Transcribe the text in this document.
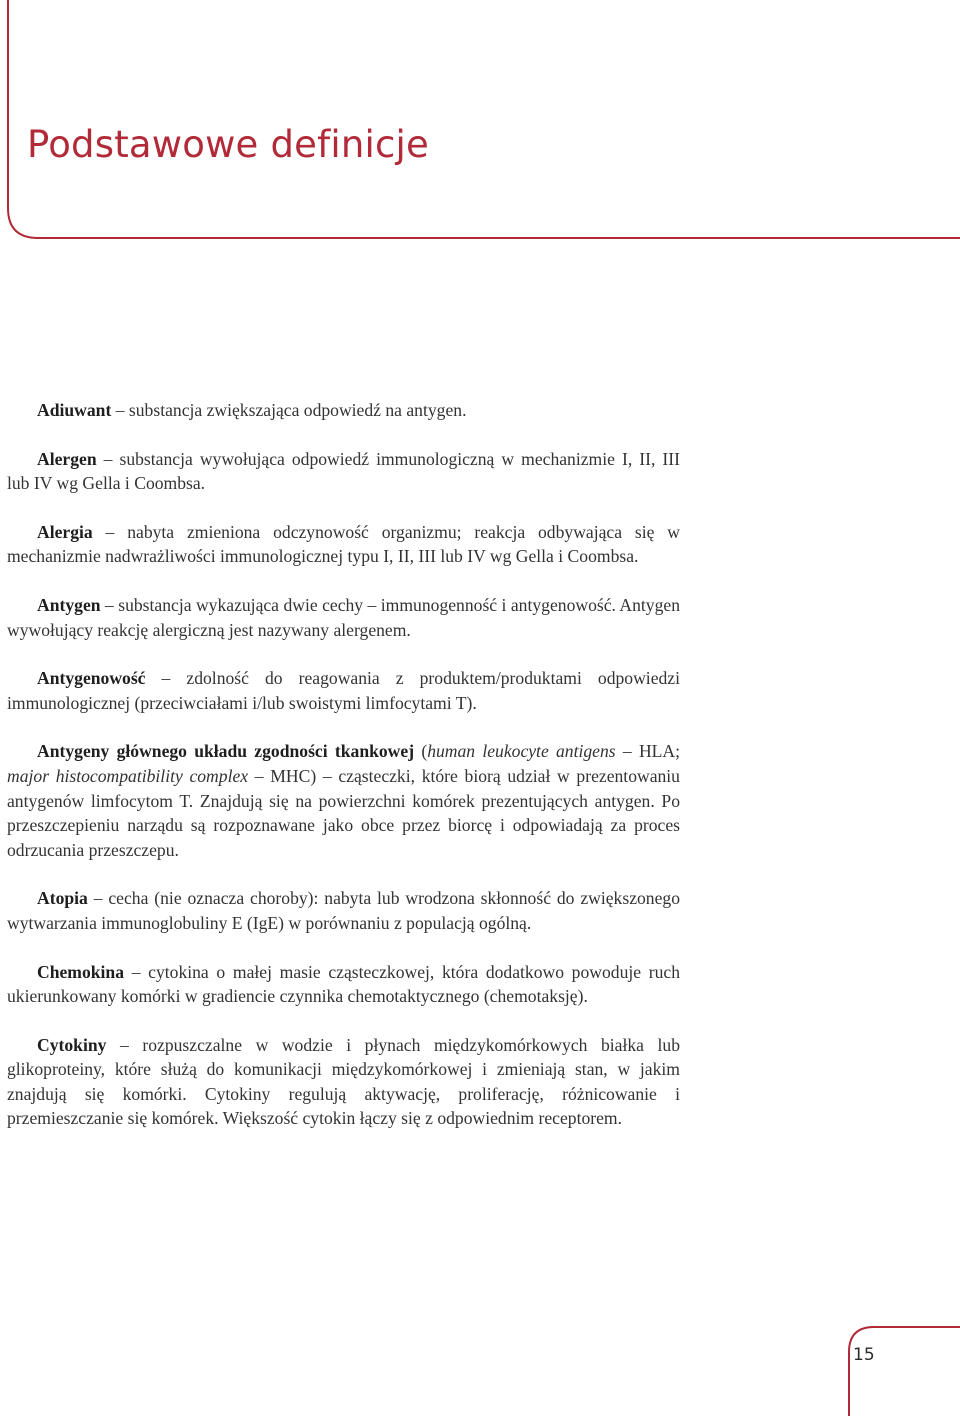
Podstawowe definicje

Adiuwant – substancja zwiększająca odpowiedź na antygen.

Alergen – substancja wywołująca odpowiedź immunologiczną w mechanizmie I, II, III lub IV wg Gella i Coombsa.

Alergia – nabyta zmieniona odczynowość organizmu; reakcja odbywająca się w mechanizmie nadwrażliwości immunologicznej typu I, II, III lub IV wg Gella i Coombsa.

Antygen – substancja wykazująca dwie cechy – immunogenność i antygenowość. Antygen wywołujący reakcję alergiczną jest nazywany alergenem.

Antygenowość – zdolność do reagowania z produktem/produktami odpowiedzi immunologicznej (przeciwciałami i/lub swoistymi limfocytami T).

Antygeny głównego układu zgodności tkankowej (human leukocyte antigens – HLA; major histocompatibility complex – MHC) – cząsteczki, które biorą udział w prezentowaniu antygenów limfocytom T. Znajdują się na powierzchni komórek prezentujących antygen. Po przeszczepieniu narządu są rozpoznawane jako obce przez biorcę i odpowiadają za proces odrzucania przeszczepu.

Atopia – cecha (nie oznacza choroby): nabyta lub wrodzona skłonność do zwiększonego wytwarzania immunoglobuliny E (IgE) w porównaniu z populacją ogólną.

Chemokina – cytokina o małej masie cząsteczkowej, która dodatkowo powoduje ruch ukierunkowany komórki w gradiencie czynnika chemotaktycznego (chemotaksję).

Cytokiny – rozpuszczalne w wodzie i płynach międzykomórkowych białka lub glikoproteiny, które służą do komunikacji międzykomórkowej i zmieniają stan, w jakim znajdują się komórki. Cytokiny regulują aktywację, proliferację, różnicowanie i przemieszczanie się komórek. Większość cytokin łączy się z odpowiednim receptorem.

15
